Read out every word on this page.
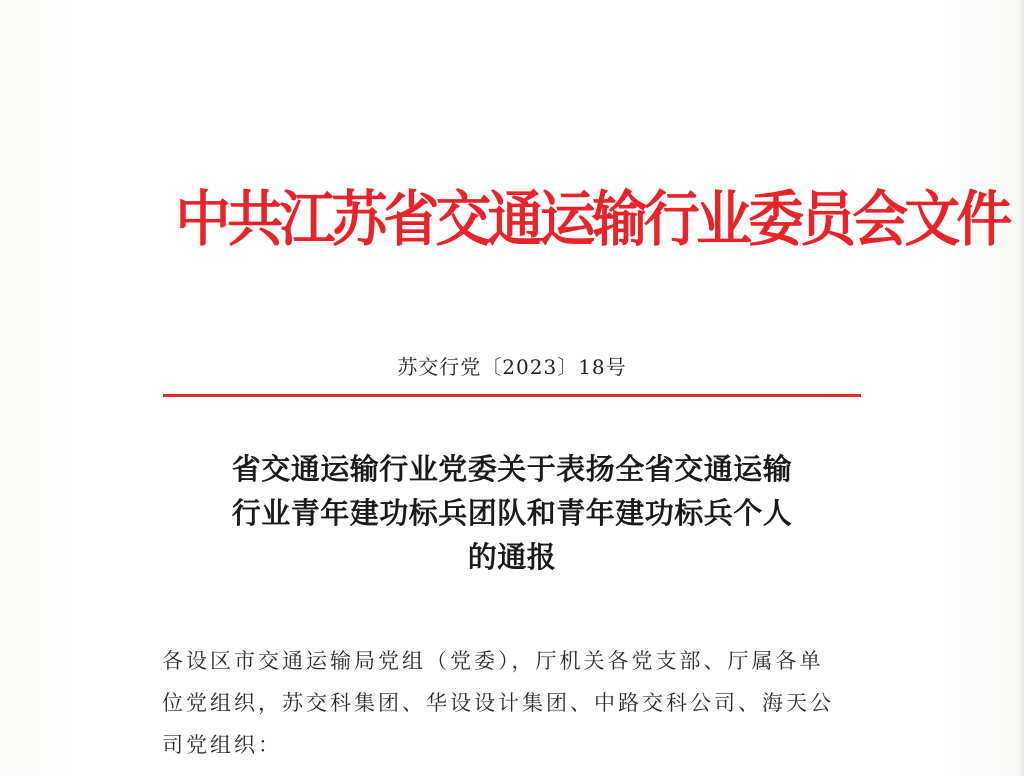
中共江苏省交通运输行业委员会文件
苏交行党〔2023〕18号
省交通运输行业党委关于表扬全省交通运输
行业青年建功标兵团队和青年建功标兵个人
的通报
各设区市交通运输局党组（党委），厅机关各党支部、厅属各单
位党组织，苏交科集团、华设设计集团、中路交科公司、海天公
司党组织：
